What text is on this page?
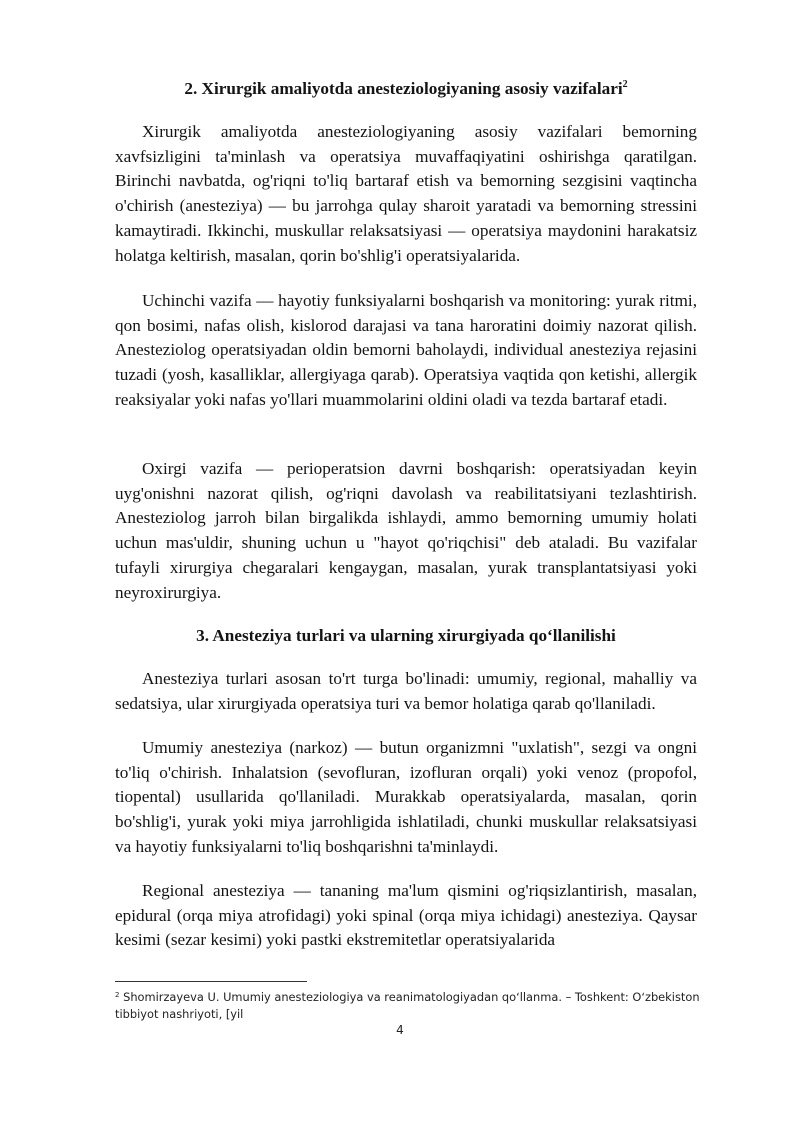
2. Xirurgik amaliyotda anesteziologiyaning asosiy vazifalari$^2$

Xirurgik amaliyotda anesteziologiyaning asosiy vazifalari bemorning xavfsizligini ta'minlash va operatsiya muvaffaqiyatini oshirishga qaratilgan. Birinchi navbatda, og'riqni to'liq bartaraf etish va bemorning sezgisini vaqtincha o'chirish (anesteziya) — bu jarrohga qulay sharoit yaratadi va bemorning stressini kamaytiradi. Ikkinchi, muskullar relaksatsiyasi — operatsiya maydonini harakatsiz holatga keltirish, masalan, qorin bo'shlig'i operatsiyalarida.

Uchinchi vazifa — hayotiy funksiyalarni boshqarish va monitoring: yurak ritmi, qon bosimi, nafas olish, kislorod darajasi va tana haroratini doimiy nazorat qilish. Anesteziolog operatsiyadan oldin bemorni baholaydi, individual anesteziya rejasini tuzadi (yosh, kasalliklar, allergiyaga qarab). Operatsiya vaqtida qon ketishi, allergik reaksiyalar yoki nafas yo'llari muammolarini oldini oladi va tezda bartaraf etadi.

Oxirgi vazifa — perioperatsion davrni boshqarish: operatsiyadan keyin uyg'onishni nazorat qilish, og'riqni davolash va reabilitatsiyani tezlashtirish. Anesteziolog jarroh bilan birgalikda ishlaydi, ammo bemorning umumiy holati uchun mas'uldir, shuning uchun u "hayot qo'riqchisi" deb ataladi. Bu vazifalar tufayli xirurgiya chegaralari kengaygan, masalan, yurak transplantatsiyasi yoki neyroxirurgiya.

3. Anesteziya turlari va ularning xirurgiyada qoʻllanilishi

Anesteziya turlari asosan to'rt turga bo'linadi: umumiy, regional, mahalliy va sedatsiya, ular xirurgiyada operatsiya turi va bemor holatiga qarab qo'llaniladi.

Umumiy anesteziya (narkoz) — butun organizmni "uxlatish", sezgi va ongni to'liq o'chirish. Inhalatsion (sevofluran, izofluran orqali) yoki venoz (propofol, tiopental) usullarida qo'llaniladi. Murakkab operatsiyalarda, masalan, qorin bo'shlig'i, yurak yoki miya jarrohligida ishlatiladi, chunki muskullar relaksatsiyasi va hayotiy funksiyalarni to'liq boshqarishni ta'minlaydi.

Regional anesteziya — tananing ma'lum qismini og'riqsizlantirish, masalan, epidural (orqa miya atrofidagi) yoki spinal (orqa miya ichidagi) anesteziya. Qaysar kesimi (sezar kesimi) yoki pastki ekstremitetlar operatsiyalarida

$^2$ Shomirzayeva U. Umumiy anesteziologiya va reanimatologiyadan qoʻllanma. – Toshkent: Oʻzbekiston tibbiyot nashriyoti, [yil

4
